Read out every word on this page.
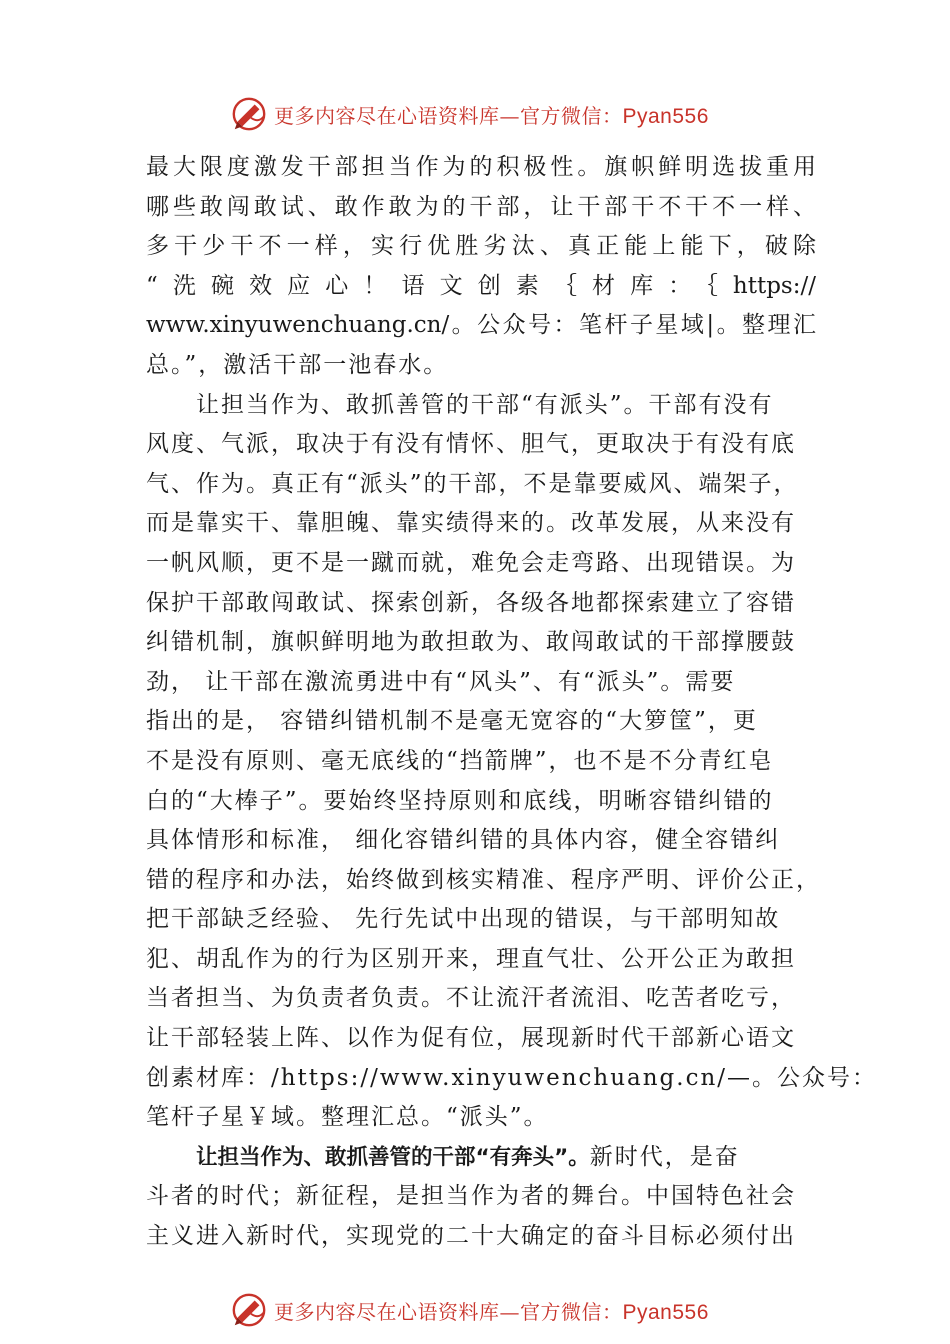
更多内容尽在心语资料库—官方微信：Pyan556
最大限度激发干部担当作为的积极性。旗帜鲜明选拔重用
哪些敢闯敢试、敢作敢为的干部，让干部干不干不一样、
多干少干不一样，实行优胜劣汰、真正能上能下，破除
“洗碗效应心！语文创素｛材库：｛https://
www.xinyuwenchuang.cn/。公众号：笔杆子星域|。整理汇
总。”，激活干部一池春水。
让担当作为、敢抓善管的干部“有派头”。干部有没有
风度、气派，取决于有没有情怀、胆气，更取决于有没有底
气、作为。真正有“派头”的干部，不是靠要威风、端架子，
而是靠实干、靠胆魄、靠实绩得来的。改革发展，从来没有
一帆风顺，更不是一蹴而就，难免会走弯路、出现错误。为
保护干部敢闯敢试、探索创新，各级各地都探索建立了容错
纠错机制，旗帜鲜明地为敢担敢为、敢闯敢试的干部撑腰鼓
劲， 让干部在激流勇进中有“风头”、有“派头”。需要
指出的是， 容错纠错机制不是毫无宽容的“大箩筐”，更
不是没有原则、毫无底线的“挡箭牌”，也不是不分青红皂
白的“大棒子”。要始终坚持原则和底线，明晰容错纠错的
具体情形和标准， 细化容错纠错的具体内容，健全容错纠
错的程序和办法，始终做到核实精准、程序严明、评价公正，
把干部缺乏经验、 先行先试中出现的错误，与干部明知故
犯、胡乱作为的行为区别开来，理直气壮、公开公正为敢担
当者担当、为负责者负责。不让流汗者流泪、吃苦者吃亏，
让干部轻装上阵、以作为促有位，展现新时代干部新心语文
创素材库：/https://www.xinyuwenchuang.cn/—。公众号：
笔杆子星￥域。整理汇总。“派头”。
让担当作为、敢抓善管的干部“有奔头”。新时代，是奋
斗者的时代；新征程，是担当作为者的舞台。中国特色社会
主义进入新时代，实现党的二十大确定的奋斗目标必须付出
更多内容尽在心语资料库—官方微信：Pyan556
